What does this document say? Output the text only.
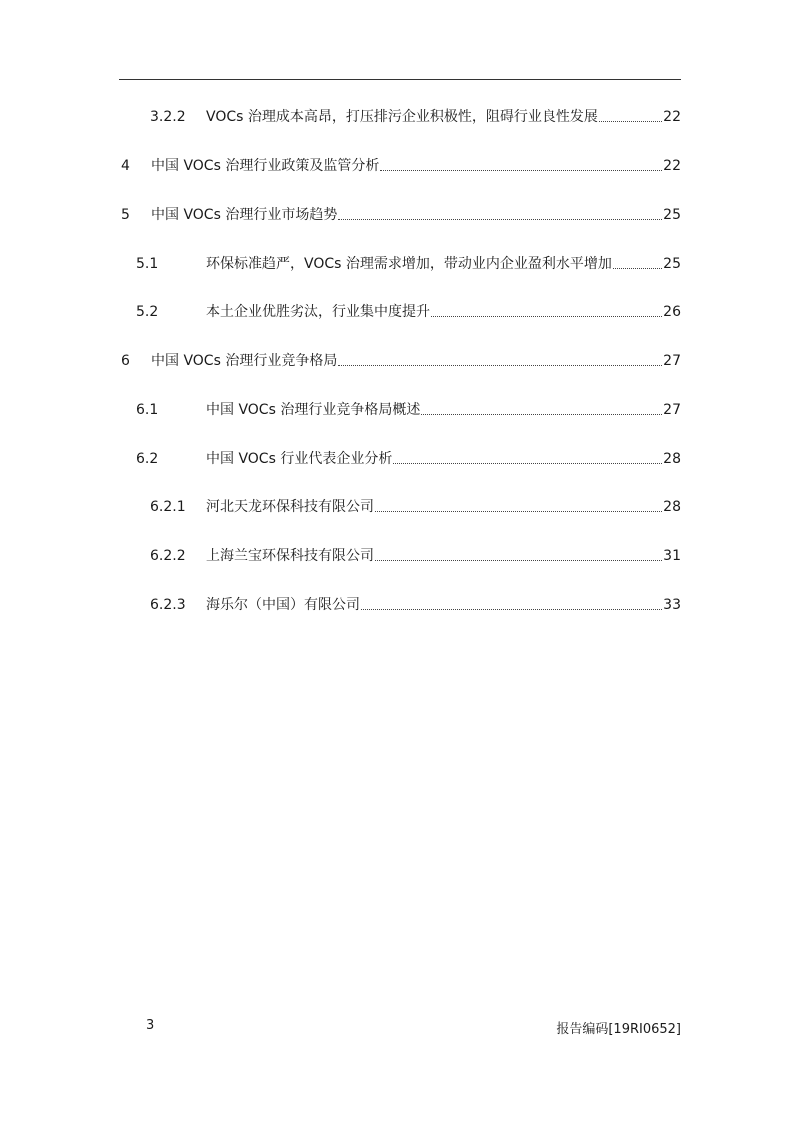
3.2.2 VOCs 治理成本高昂，打压排污企业积极性，阻碍行业良性发展	22
4 中国 VOCs 治理行业政策及监管分析	22
5 中国 VOCs 治理行业市场趋势	25
5.1	环保标准趋严，VOCs 治理需求增加，带动业内企业盈利水平增加	25
5.2	本土企业优胜劣汰，行业集中度提升	26
6 中国 VOCs 治理行业竞争格局	27
6.1	中国 VOCs 治理行业竞争格局概述	27
6.2	中国 VOCs 行业代表企业分析	28
6.2.1 河北天龙环保科技有限公司	28
6.2.2 上海兰宝环保科技有限公司	31
6.2.3 海乐尔（中国）有限公司	33
3	报告编码[19RI0652]
